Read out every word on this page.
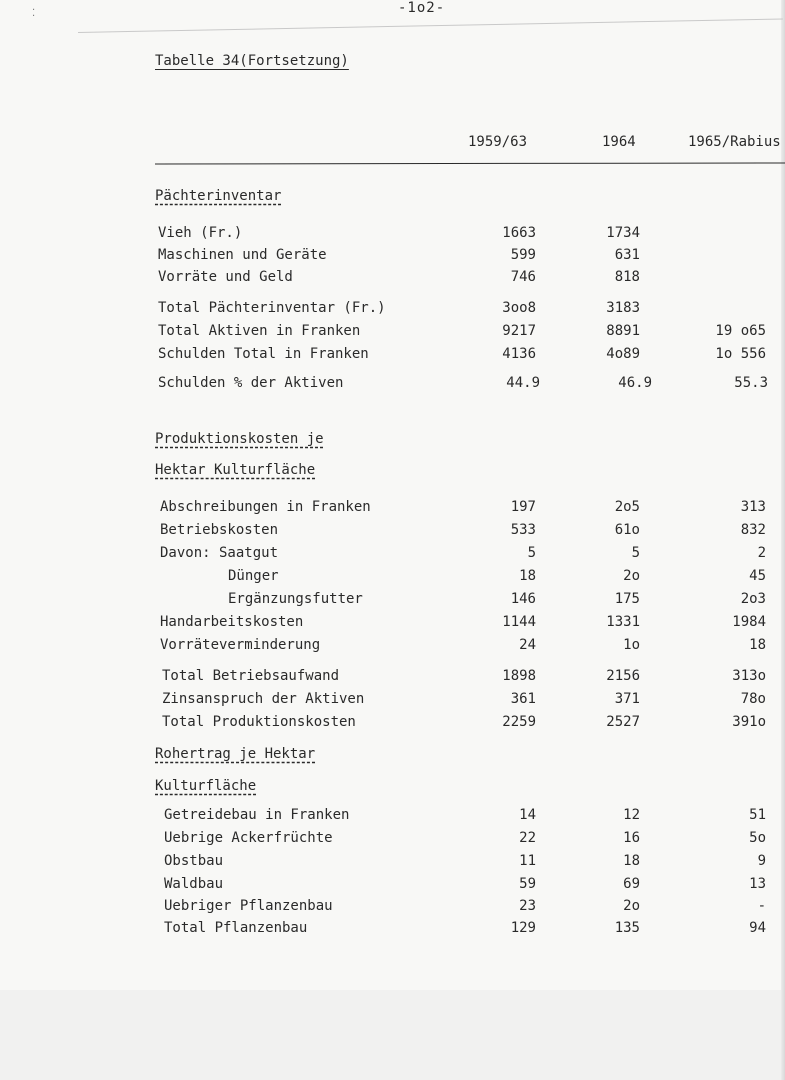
⁚	-1o2-
Tabelle 34(Fortsetzung)
1959/63	1964	1965/Rabius
Pächterinventar
Produktionskosten je
Hektar Kulturfläche
Rohertrag je Hektar
Kulturfläche
Vieh (Fr.)	1663	1734
Maschinen und Geräte	599	631
Vorräte und Geld	746	818
Total Pächterinventar (Fr.)	3oo8	3183
Total Aktiven in Franken	9217	8891	19 o65
Schulden Total in Franken	4136	4o89	1o 556
Schulden % der Aktiven	44.9	46.9	55.3
Abschreibungen in Franken	197	2o5	313
Betriebskosten	533	61o	832
Davon: Saatgut	5	5	2
Dünger	18	2o	45
Ergänzungsfutter	146	175	2o3
Handarbeitskosten	1144	1331	1984
Vorräteverminderung	24	1o	18
Total Betriebsaufwand	1898	2156	313o
Zinsanspruch der Aktiven	361	371	78o
Total Produktionskosten	2259	2527	391o
Getreidebau in Franken	14	12	51
Uebrige Ackerfrüchte	22	16	5o
Obstbau	11	18	9
Waldbau	59	69	13
Uebriger Pflanzenbau	23	2o	-
Total Pflanzenbau	129	135	94
